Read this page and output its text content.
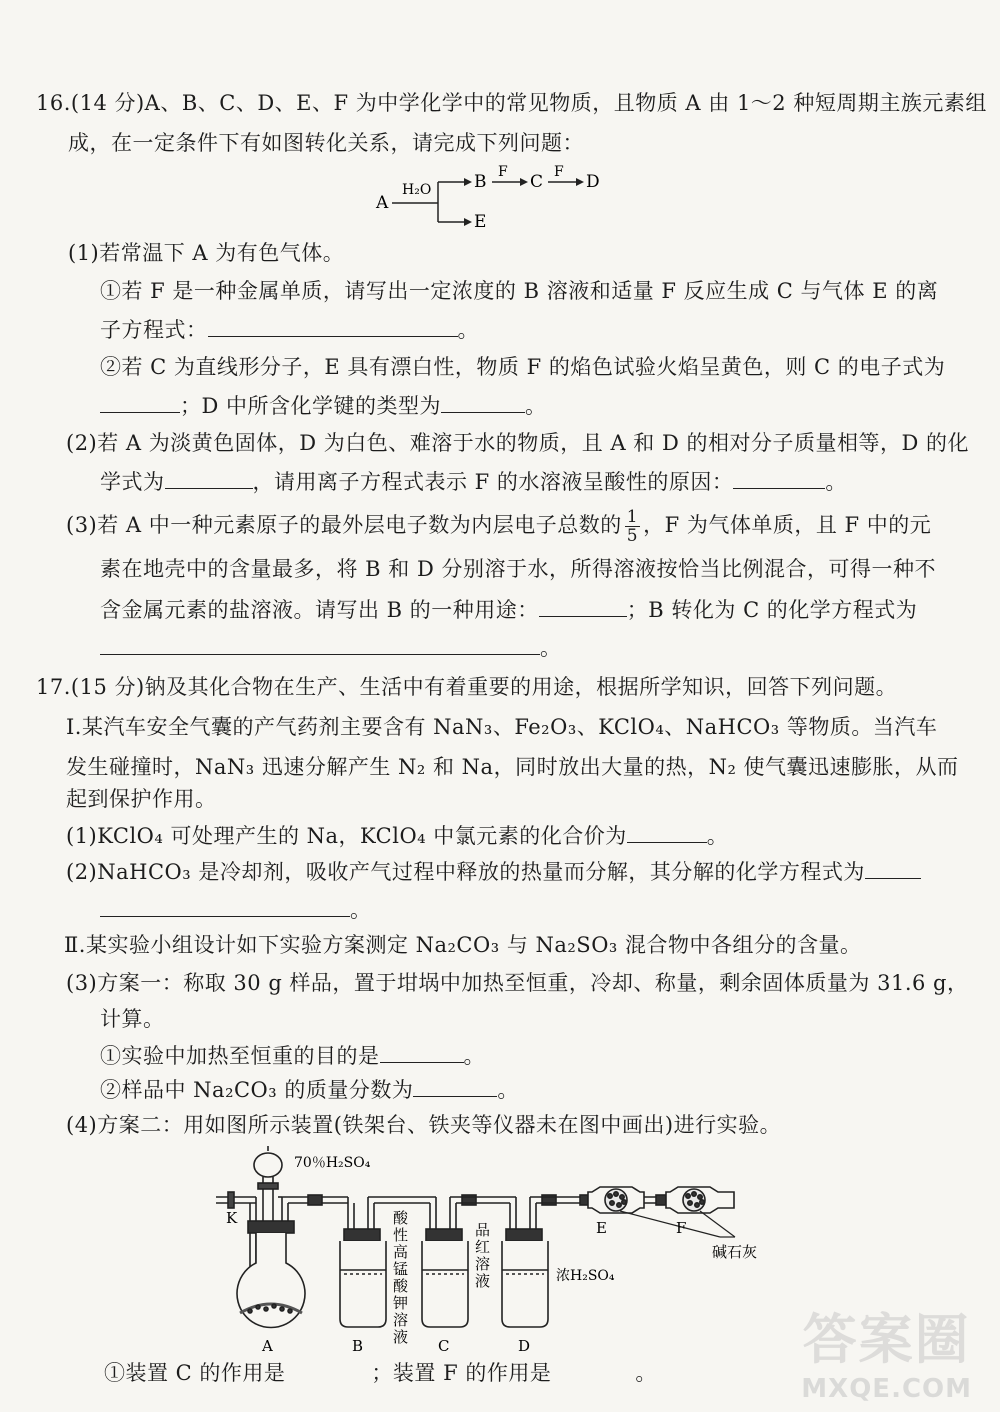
16.(14 分)A、B、C、D、E、F 为中学化学中的常见物质，且物质 A 由 1～2 种短周期主族元素组
成，在一定条件下有如图转化关系，请完成下列问题：
A
H₂O	B F C F D
E
(1)若常温下 A 为有色气体。
①若 F 是一种金属单质，请写出一定浓度的 B 溶液和适量 F 反应生成 C 与气体 E 的离
子方程式：	。
②若 C 为直线形分子，E 具有漂白性，物质 F 的焰色试验火焰呈黄色，则 C 的电子式为
；D 中所含化学键的类型为	。
(2)若 A 为淡黄色固体，D 为白色、难溶于水的物质，且 A 和 D 的相对分子质量相等，D 的化
学式为	，请用离子方程式表示 F 的水溶液呈酸性的原因：	。
(3)若 A 中一种元素原子的最外层电子数为内层电子总数的 $\frac{1}{5}$ ，F 为气体单质，且 F 中的元
素在地壳中的含量最多，将 B 和 D 分别溶于水，所得溶液按恰当比例混合，可得一种不
含金属元素的盐溶液。请写出 B 的一种用途：	；B 转化为 C 的化学方程式为
。
17.(15 分)钠及其化合物在生产、生活中有着重要的用途，根据所学知识，回答下列问题。
Ⅰ.某汽车安全气囊的产气药剂主要含有 NaN₃、Fe₂O₃、KClO₄、NaHCO₃ 等物质。当汽车
发生碰撞时，NaN₃ 迅速分解产生 N₂ 和 Na，同时放出大量的热，N₂ 使气囊迅速膨胀，从而
起到保护作用。
(1)KClO₄ 可处理产生的 Na，KClO₄ 中氯元素的化合价为	。
(2)NaHCO₃ 是冷却剂，吸收产气过程中释放的热量而分解，其分解的化学方程式为
。
Ⅱ.某实验小组设计如下实验方案测定 Na₂CO₃ 与 Na₂SO₃ 混合物中各组分的含量。
(3)方案一：称取 30 g 样品，置于坩埚中加热至恒重，冷却、称量，剩余固体质量为 31.6 g，
计算。
①实验中加热至恒重的目的是	。
②样品中 Na₂CO₃ 的质量分数为	。
(4)方案二：用如图所示装置(铁架台、铁夹等仪器未在图中画出)进行实验。
70％H₂SO₄
K
A	B	C	D
E	F
酸
性
高
锰
酸
钾
溶
液
品
红
溶
液	浓H₂SO₄
碱石灰
①装置 C 的作用是	；装置 F 的作用是	。
答案圈
MXQE.COM
